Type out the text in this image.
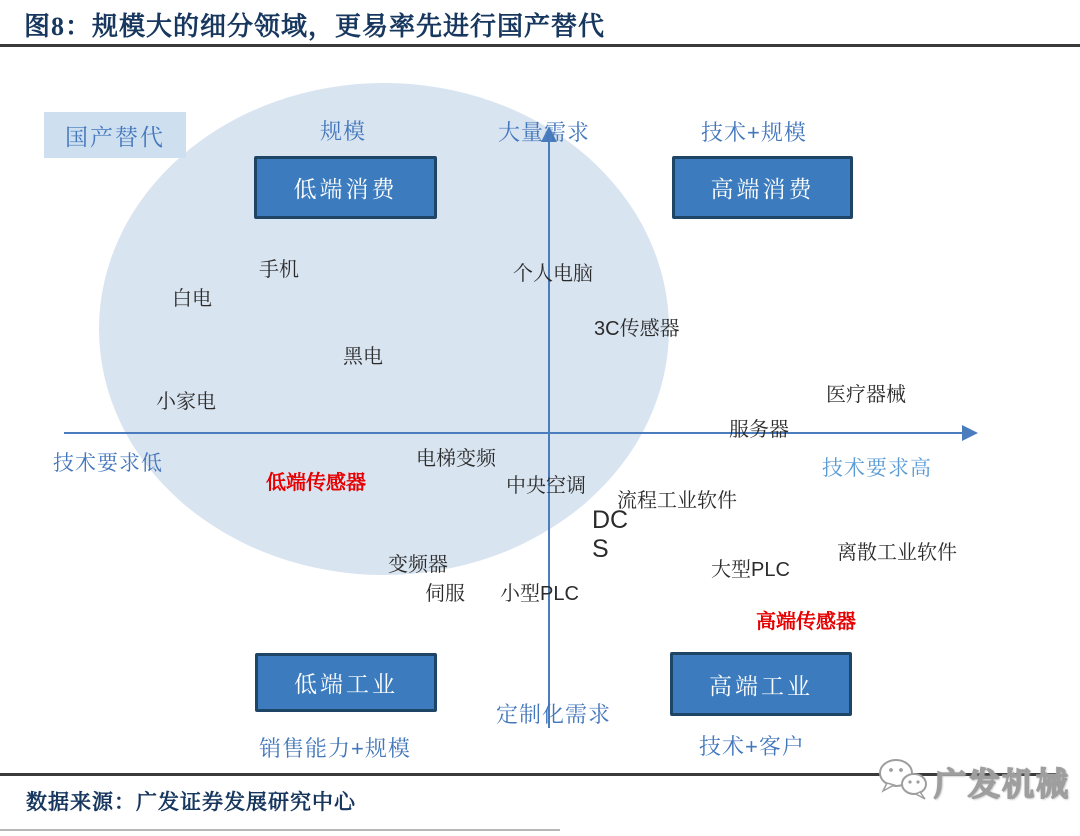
图8：规模大的细分领域，更易率先进行国产替代
国产替代	规模	大量需求	技术+规模
低端消费	高端消费
手机
白电
个人电脑
3C传感器
黑电
小家电	医疗器械
服务器
技术要求低	技术要求高
低端传感器
电梯变频
中央空调
流程工业软件
DCS
变频器
伺服 小型PLC
大型PLC
离散工业软件
高端传感器
低端工业	高端工业
定制化需求
销售能力+规模	技术+客户
数据来源：广发证券发展研究中心
广发机械
